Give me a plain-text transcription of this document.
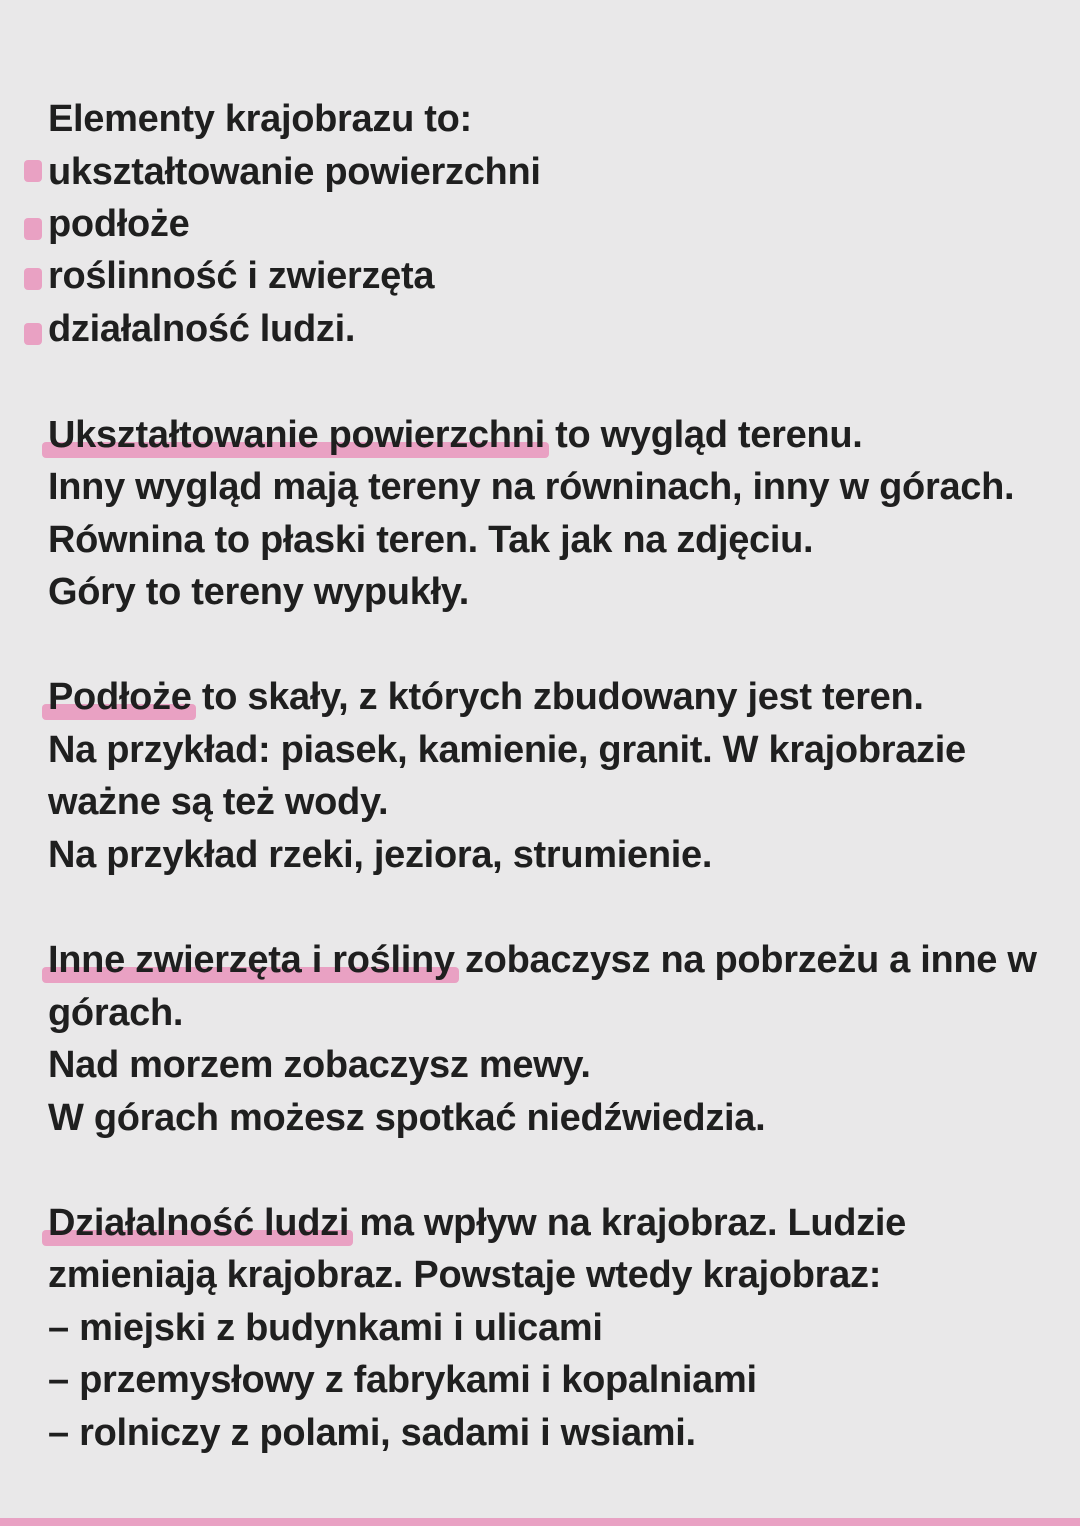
Elementy krajobrazu to:
ukształtowanie powierzchni
podłoże
roślinność i zwierzęta
działalność ludzi.
Ukształtowanie powierzchni to wygląd terenu.
Inny wygląd mają tereny na równinach, inny w górach.
Równina to płaski teren. Tak jak na zdjęciu.
Góry to tereny wypukły.
Podłoże to skały, z których zbudowany jest teren.
Na przykład: piasek, kamienie, granit. W krajobrazie
ważne są też wody.
Na przykład rzeki, jeziora, strumienie.
Inne zwierzęta i rośliny zobaczysz na pobrzeżu a inne w
górach.
Nad morzem zobaczysz mewy.
W górach możesz spotkać niedźwiedzia.
Działalność ludzi ma wpływ na krajobraz. Ludzie
zmieniają krajobraz. Powstaje wtedy krajobraz:
– miejski z budynkami i ulicami
– przemysłowy z fabrykami i kopalniami
– rolniczy z polami, sadami i wsiami.
